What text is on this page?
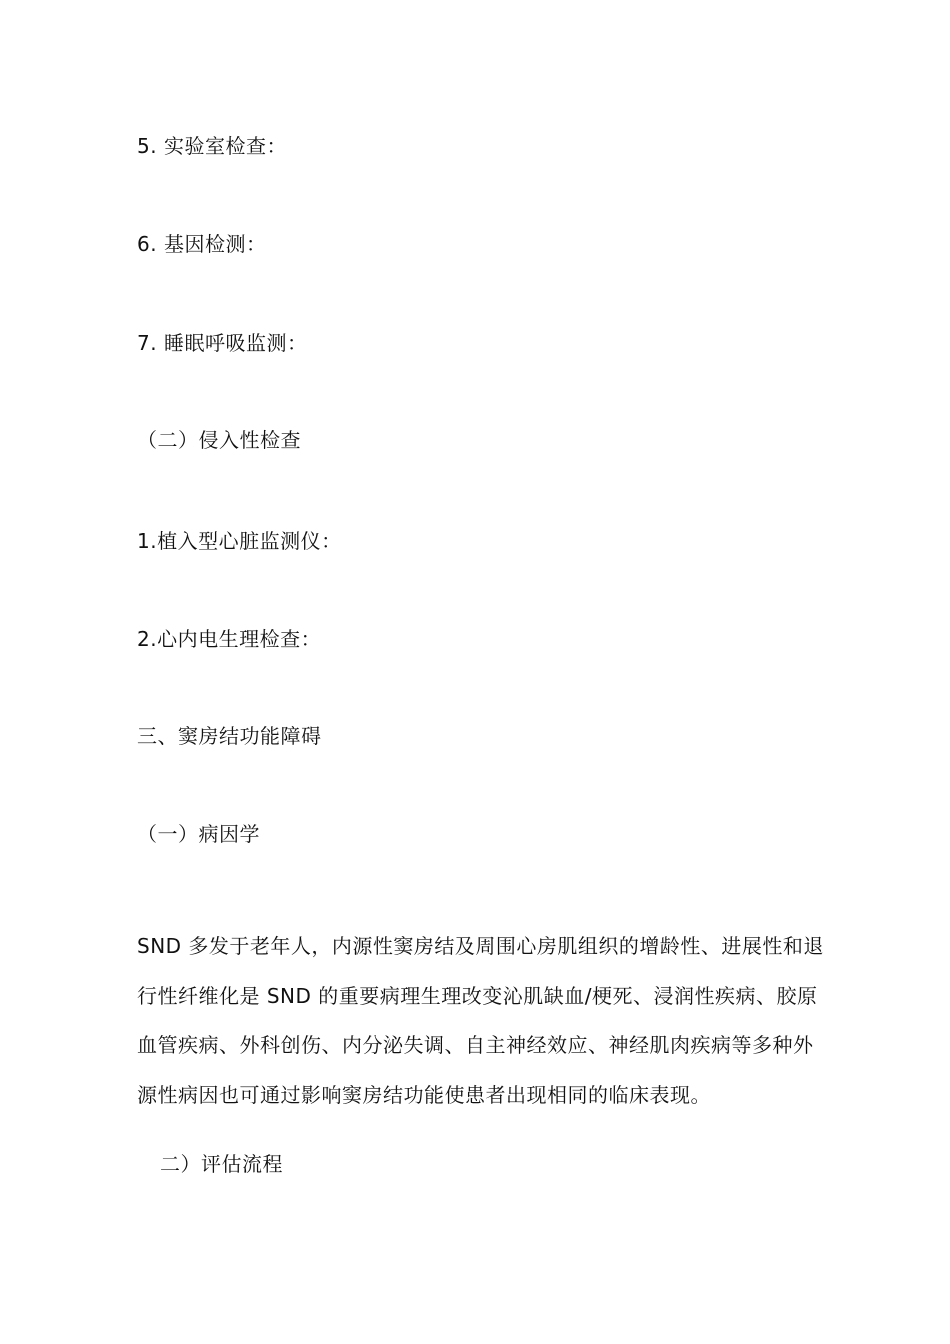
5. 实验室检查：
6. 基因检测：
7. 睡眠呼吸监测：
（二）侵入性检查
1.植入型心脏监测仪：
2.心内电生理检查：
三、窦房结功能障碍
（一）病因学
SND 多发于老年人，内源性窦房结及周围心房肌组织的增龄性、进展性和退
行性纤维化是 SND 的重要病理生理改变沁肌缺血/梗死、浸润性疾病、胶原
血管疾病、外科创伤、内分泌失调、自主神经效应、神经肌肉疾病等多种外
源性病因也可通过影响窦房结功能使患者出现相同的临床表现。
二）评估流程
